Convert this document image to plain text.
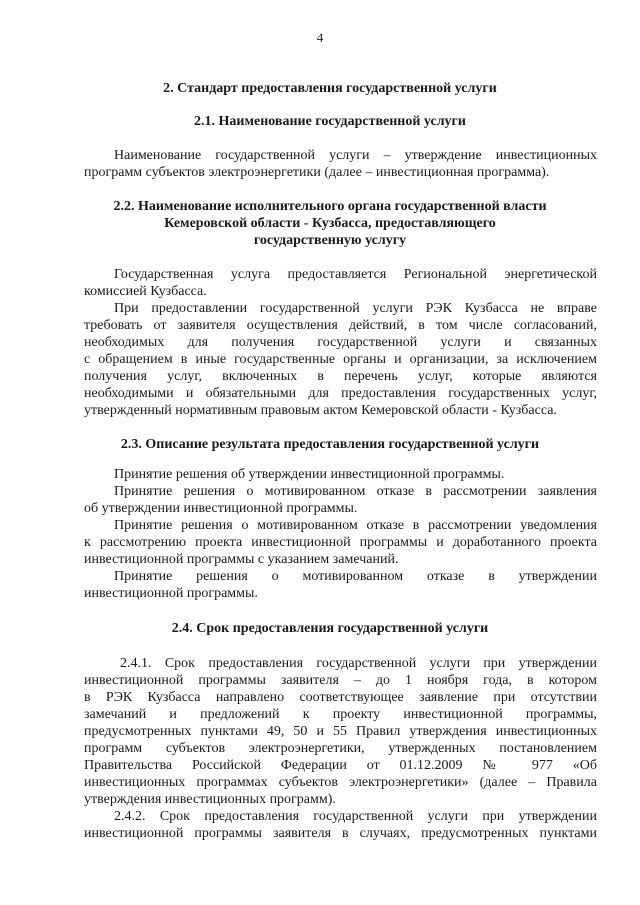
4
2. Стандарт предоставления государственной услуги
2.1. Наименование государственной услуги
Наименование государственной услуги – утверждение инвестиционных
программ субъектов электроэнергетики (далее – инвестиционная программа).
2.2. Наименование исполнительного органа государственной власти
Кемеровской области - Кузбасса, предоставляющего
государственную услугу
Государственная услуга предоставляется Региональной энергетической
комиссией Кузбасса.
При предоставлении государственной услуги РЭК Кузбасса не вправе
требовать от заявителя осуществления действий, в том числе согласований,
необходимых для получения государственной услуги и связанных
с обращением в иные государственные органы и организации, за исключением
получения услуг, включенных в перечень услуг, которые являются
необходимыми и обязательными для предоставления государственных услуг,
утвержденный нормативным правовым актом Кемеровской области - Кузбасса.
2.3. Описание результата предоставления государственной услуги
Принятие решения об утверждении инвестиционной программы.
Принятие решения о мотивированном отказе в рассмотрении заявления
об утверждении инвестиционной программы.
Принятие решения о мотивированном отказе в рассмотрении уведомления
к рассмотрению проекта инвестиционной программы и доработанного проекта
инвестиционной программы с указанием замечаний.
Принятие решения о мотивированном отказе в утверждении
инвестиционной программы.
2.4. Срок предоставления государственной услуги
2.4.1. Срок предоставления государственной услуги при утверждении
инвестиционной программы заявителя – до 1 ноября года, в котором
в РЭК Кузбасса направлено соответствующее заявление при отсутствии
замечаний и предложений к проекту инвестиционной программы,
предусмотренных пунктами 49, 50 и 55 Правил утверждения инвестиционных
программ субъектов электроэнергетики, утвержденных постановлением
Правительства Российской Федерации от 01.12.2009 № 977 «Об
инвестиционных программах субъектов электроэнергетики» (далее – Правила
утверждения инвестиционных программ).
2.4.2. Срок предоставления государственной услуги при утверждении
инвестиционной программы заявителя в случаях, предусмотренных пунктами
